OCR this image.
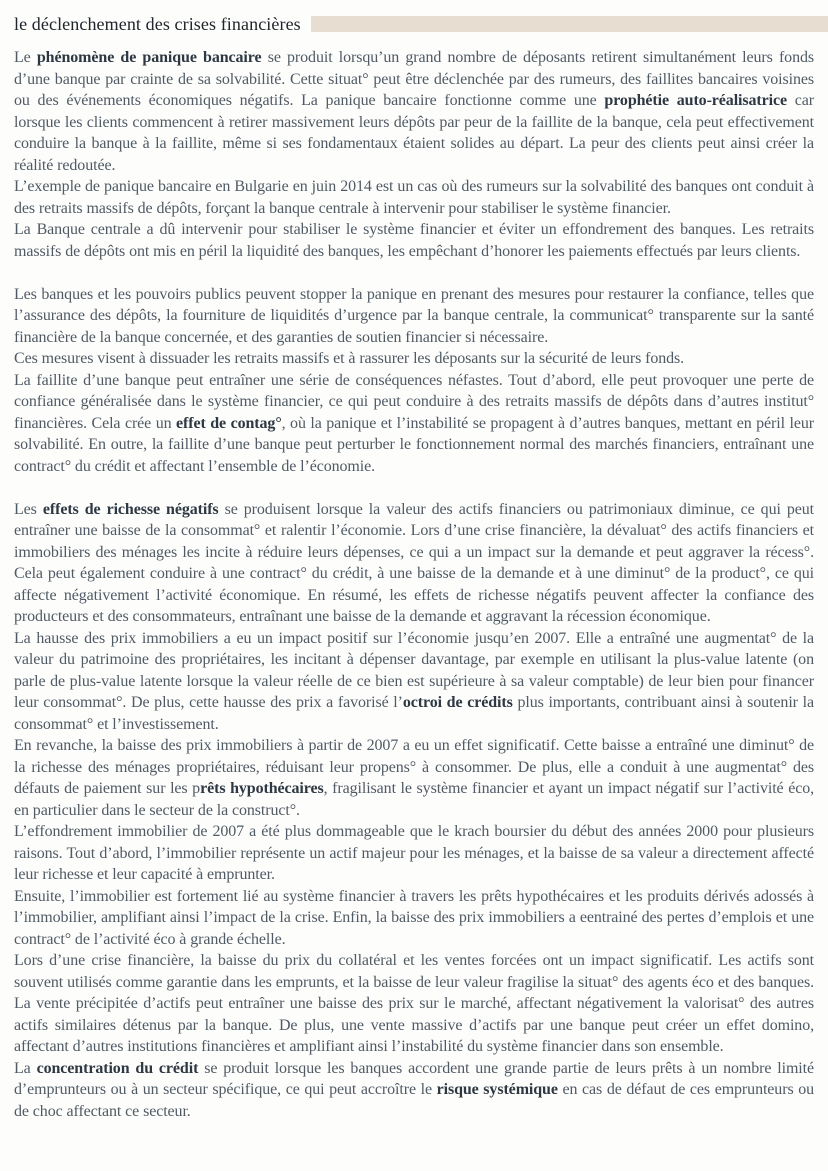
le déclenchement des crises financières

Le phénomène de panique bancaire se produit lorsqu’un grand nombre de déposants retirent simultanément leurs fonds d’une banque par crainte de sa solvabilité. Cette situat° peut être déclenchée par des rumeurs, des faillites bancaires voisines ou des événements économiques négatifs. La panique bancaire fonctionne comme une prophétie auto-réalisatrice car lorsque les clients commencent à retirer massivement leurs dépôts par peur de la faillite de la banque, cela peut effectivement conduire la banque à la faillite, même si ses fondamentaux étaient solides au départ. La peur des clients peut ainsi créer la réalité redoutée.

L’exemple de panique bancaire en Bulgarie en juin 2014 est un cas où des rumeurs sur la solvabilité des banques ont conduit à des retraits massifs de dépôts, forçant la banque centrale à intervenir pour stabiliser le système financier.

La Banque centrale a dû intervenir pour stabiliser le système financier et éviter un effondrement des banques. Les retraits massifs de dépôts ont mis en péril la liquidité des banques, les empêchant d’honorer les paiements effectués par leurs clients.

Les banques et les pouvoirs publics peuvent stopper la panique en prenant des mesures pour restaurer la confiance, telles que l’assurance des dépôts, la fourniture de liquidités d’urgence par la banque centrale, la communicat° transparente sur la santé financière de la banque concernée, et des garanties de soutien financier si nécessaire.

Ces mesures visent à dissuader les retraits massifs et à rassurer les déposants sur la sécurité de leurs fonds.

La faillite d’une banque peut entraîner une série de conséquences néfastes. Tout d’abord, elle peut provoquer une perte de confiance généralisée dans le système financier, ce qui peut conduire à des retraits massifs de dépôts dans d’autres institut° financières. Cela crée un effet de contag°, où la panique et l’instabilité se propagent à d’autres banques, mettant en péril leur solvabilité. En outre, la faillite d’une banque peut perturber le fonctionnement normal des marchés financiers, entraînant une contract° du crédit et affectant l’ensemble de l’économie.

Les effets de richesse négatifs se produisent lorsque la valeur des actifs financiers ou patrimoniaux diminue, ce qui peut entraîner une baisse de la consommat° et ralentir l’économie. Lors d’une crise financière, la dévaluat° des actifs financiers et immobiliers des ménages les incite à réduire leurs dépenses, ce qui a un impact sur la demande et peut aggraver la récess°. Cela peut également conduire à une contract° du crédit, à une baisse de la demande et à une diminut° de la product°, ce qui affecte négativement l’activité économique. En résumé, les effets de richesse négatifs peuvent affecter la confiance des producteurs et des consommateurs, entraînant une baisse de la demande et aggravant la récession économique.

La hausse des prix immobiliers a eu un impact positif sur l’économie jusqu’en 2007. Elle a entraîné une augmentat° de la valeur du patrimoine des propriétaires, les incitant à dépenser davantage, par exemple en utilisant la plus-value latente (on parle de plus-value latente lorsque la valeur réelle de ce bien est supérieure à sa valeur comptable) de leur bien pour financer leur consommat°. De plus, cette hausse des prix a favorisé l’octroi de crédits plus importants, contribuant ainsi à soutenir la consommat° et l’investissement.

En revanche, la baisse des prix immobiliers à partir de 2007 a eu un effet significatif. Cette baisse a entraîné une diminut° de la richesse des ménages propriétaires, réduisant leur propens° à consommer. De plus, elle a conduit à une augmentat° des défauts de paiement sur les prêts hypothécaires, fragilisant le système financier et ayant un impact négatif sur l’activité éco, en particulier dans le secteur de la construct°.

L’effondrement immobilier de 2007 a été plus dommageable que le krach boursier du début des années 2000 pour plusieurs raisons. Tout d’abord, l’immobilier représente un actif majeur pour les ménages, et la baisse de sa valeur a directement affecté leur richesse et leur capacité à emprunter.

Ensuite, l’immobilier est fortement lié au système financier à travers les prêts hypothécaires et les produits dérivés adossés à l’immobilier, amplifiant ainsi l’impact de la crise. Enfin, la baisse des prix immobiliers a eentrainé des pertes d’emplois et une contract° de l’activité éco à grande échelle.

Lors d’une crise financière, la baisse du prix du collatéral et les ventes forcées ont un impact significatif. Les actifs sont souvent utilisés comme garantie dans les emprunts, et la baisse de leur valeur fragilise la situat° des agents éco et des banques. La vente précipitée d’actifs peut entraîner une baisse des prix sur le marché, affectant négativement la valorisat° des autres actifs similaires détenus par la banque. De plus, une vente massive d’actifs par une banque peut créer un effet domino, affectant d’autres institutions financières et amplifiant ainsi l’instabilité du système financier dans son ensemble.

La concentration du crédit se produit lorsque les banques accordent une grande partie de leurs prêts à un nombre limité d’emprunteurs ou à un secteur spécifique, ce qui peut accroître le risque systémique en cas de défaut de ces emprunteurs ou de choc affectant ce secteur.
